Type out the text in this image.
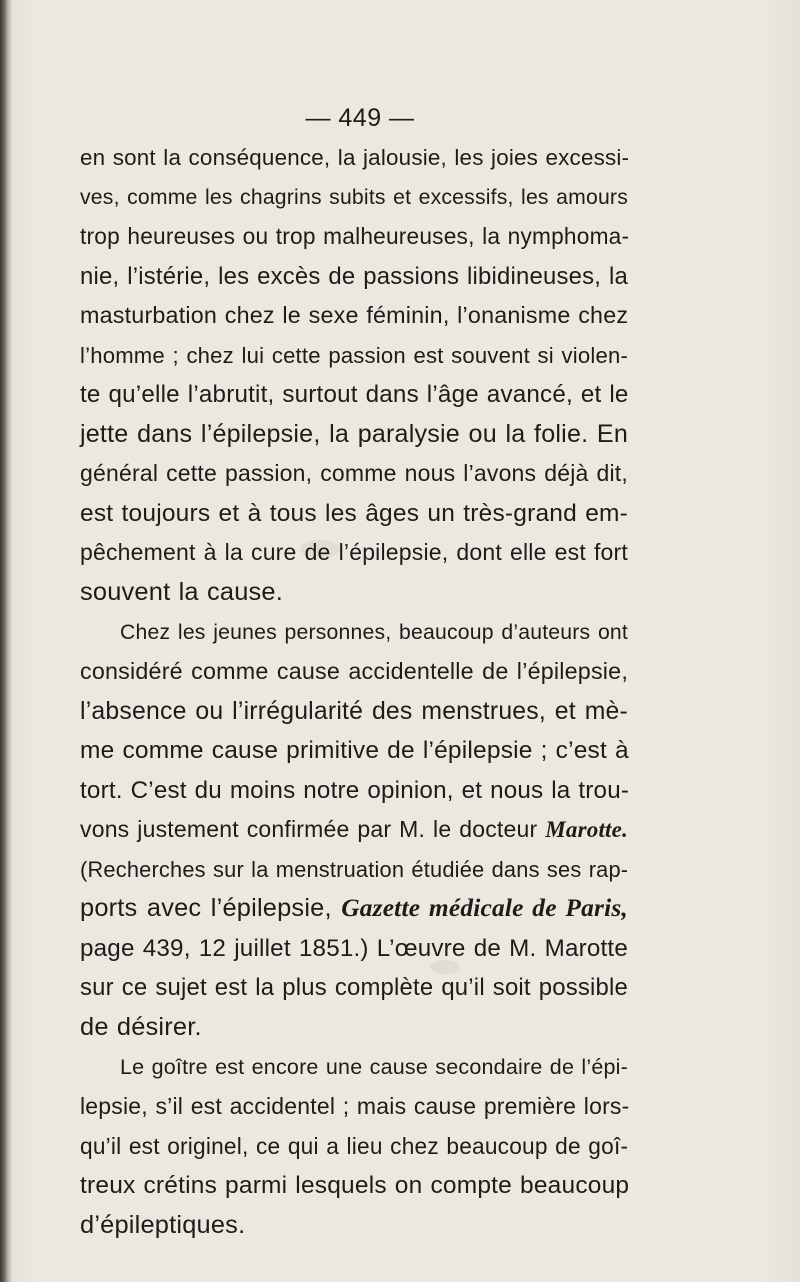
— 449 —
en sont la conséquence, la jalousie, les joies excessi-
ves, comme les chagrins subits et excessifs, les amours
trop heureuses ou trop malheureuses, la nymphoma-
nie, l’istérie, les excès de passions libidineuses, la
masturbation chez le sexe féminin, l’onanisme chez
l’homme ; chez lui cette passion est souvent si violen-
te qu’elle l’abrutit, surtout dans l’âge avancé, et le
jette dans l’épilepsie, la paralysie ou la folie. En
général cette passion, comme nous l’avons déjà dit,
est toujours et à tous les âges un très-grand em-
pêchement à la cure de l’épilepsie, dont elle est fort
souvent la cause.
Chez les jeunes personnes, beaucoup d’auteurs ont
considéré comme cause accidentelle de l’épilepsie,
l’absence ou l’irrégularité des menstrues, et mè-
me comme cause primitive de l’épilepsie ; c’est à
tort. C’est du moins notre opinion, et nous la trou-
vons justement confirmée par M. le docteur Marotte.
(Recherches sur la menstruation étudiée dans ses rap-
ports avec l’épilepsie, Gazette médicale de Paris,
page 439, 12 juillet 1851.) L’œuvre de M. Marotte
sur ce sujet est la plus complète qu’il soit possible
de désirer.
Le goître est encore une cause secondaire de l’épi-
lepsie, s’il est accidentel ; mais cause première lors-
qu’il est originel, ce qui a lieu chez beaucoup de goî-
treux crétins parmi lesquels on compte beaucoup
d’épileptiques.
